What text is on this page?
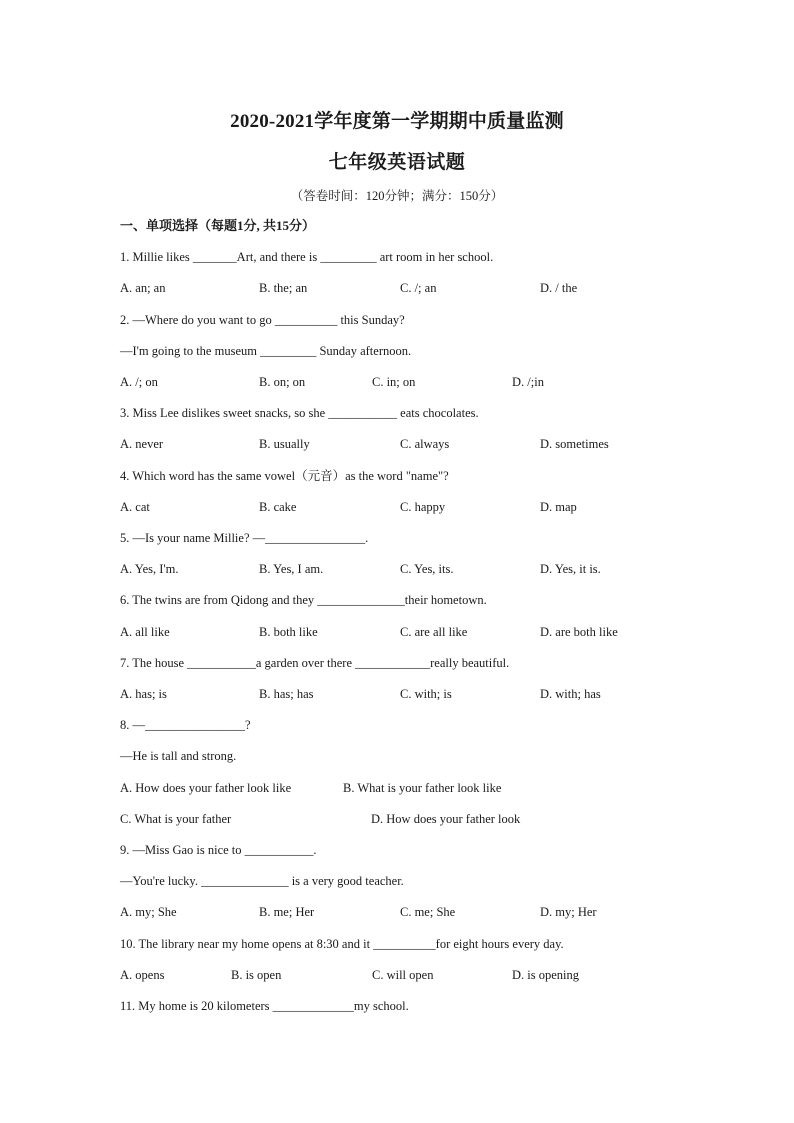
2020-2021学年度第一学期期中质量监测
七年级英语试题
（答卷时间：120分钟；满分：150分）
一、单项选择（每题1分, 共15分）
1. Millie likes _______Art, and there is _________ art room in her school.
A. an; an	B. the; an	C. /; an	D. / the
2. —Where do you want to go __________ this Sunday?
—I'm going to the museum _________ Sunday afternoon.
A. /; on	B. on; on	C. in; on	D. /;in
3. Miss Lee dislikes sweet snacks, so she ___________ eats chocolates.
A. never	B. usually	C. always	D. sometimes
4. Which word has the same vowel（元音）as the word "name"?
A. cat	B. cake	C. happy	D. map
5. —Is your name Millie? —________________.
A. Yes, I'm.	B. Yes, I am.	C. Yes, its.	D. Yes, it is.
6. The twins are from Qidong and they ______________their hometown.
A. all like	B. both like	C. are all like	D. are both like
7. The house ___________a garden over there ____________really beautiful.
A. has; is	B. has; has	C. with; is	D. with; has
8. —________________?
—He is tall and strong.
A. How does your father look like	B. What is your father look like
C. What is your father	D. How does your father look
9. —Miss Gao is nice to ___________.
—You're lucky. ______________ is a very good teacher.
A. my; She	B. me; Her	C. me; She	D. my; Her
10. The library near my home opens at 8:30 and it __________for eight hours every day.
A. opens	B. is open	C. will open	D. is opening
11. My home is 20 kilometers _____________my school.
